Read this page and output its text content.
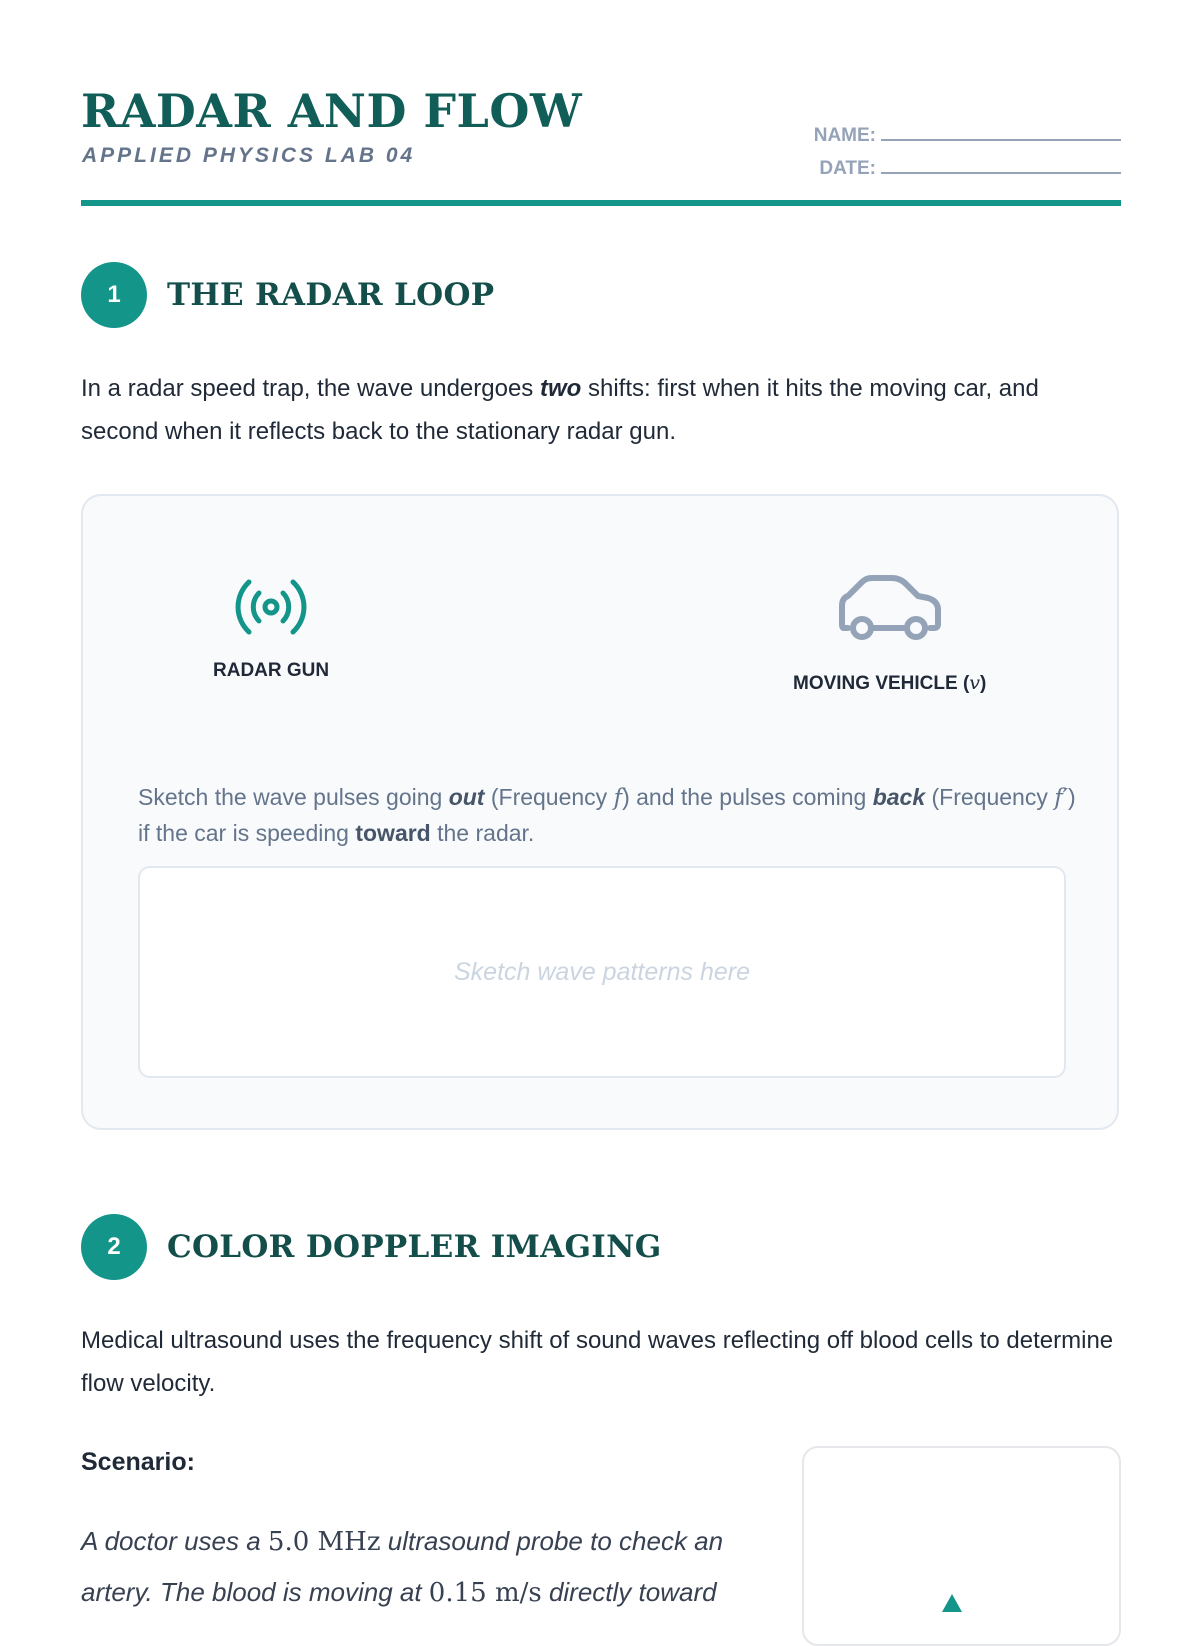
RADAR AND FLOW
APPLIED PHYSICS LAB 04
NAME:
DATE:
1	THE RADAR LOOP

In a radar speed trap, the wave undergoes two shifts: first when it hits the moving car, and second when it reflects back to the stationary radar gun.

RADAR GUN
MOVING VEHICLE (v)

Sketch the wave pulses going out (Frequency f) and the pulses coming back (Frequency f′) if the car is speeding toward the radar.

Sketch wave patterns here
2	COLOR DOPPLER IMAGING

Medical ultrasound uses the frequency shift of sound waves reflecting off blood cells to determine flow velocity.

Scenario:

A doctor uses a 5.0 MHz ultrasound probe to check an artery. The blood is moving at 0.15 m/s directly toward
